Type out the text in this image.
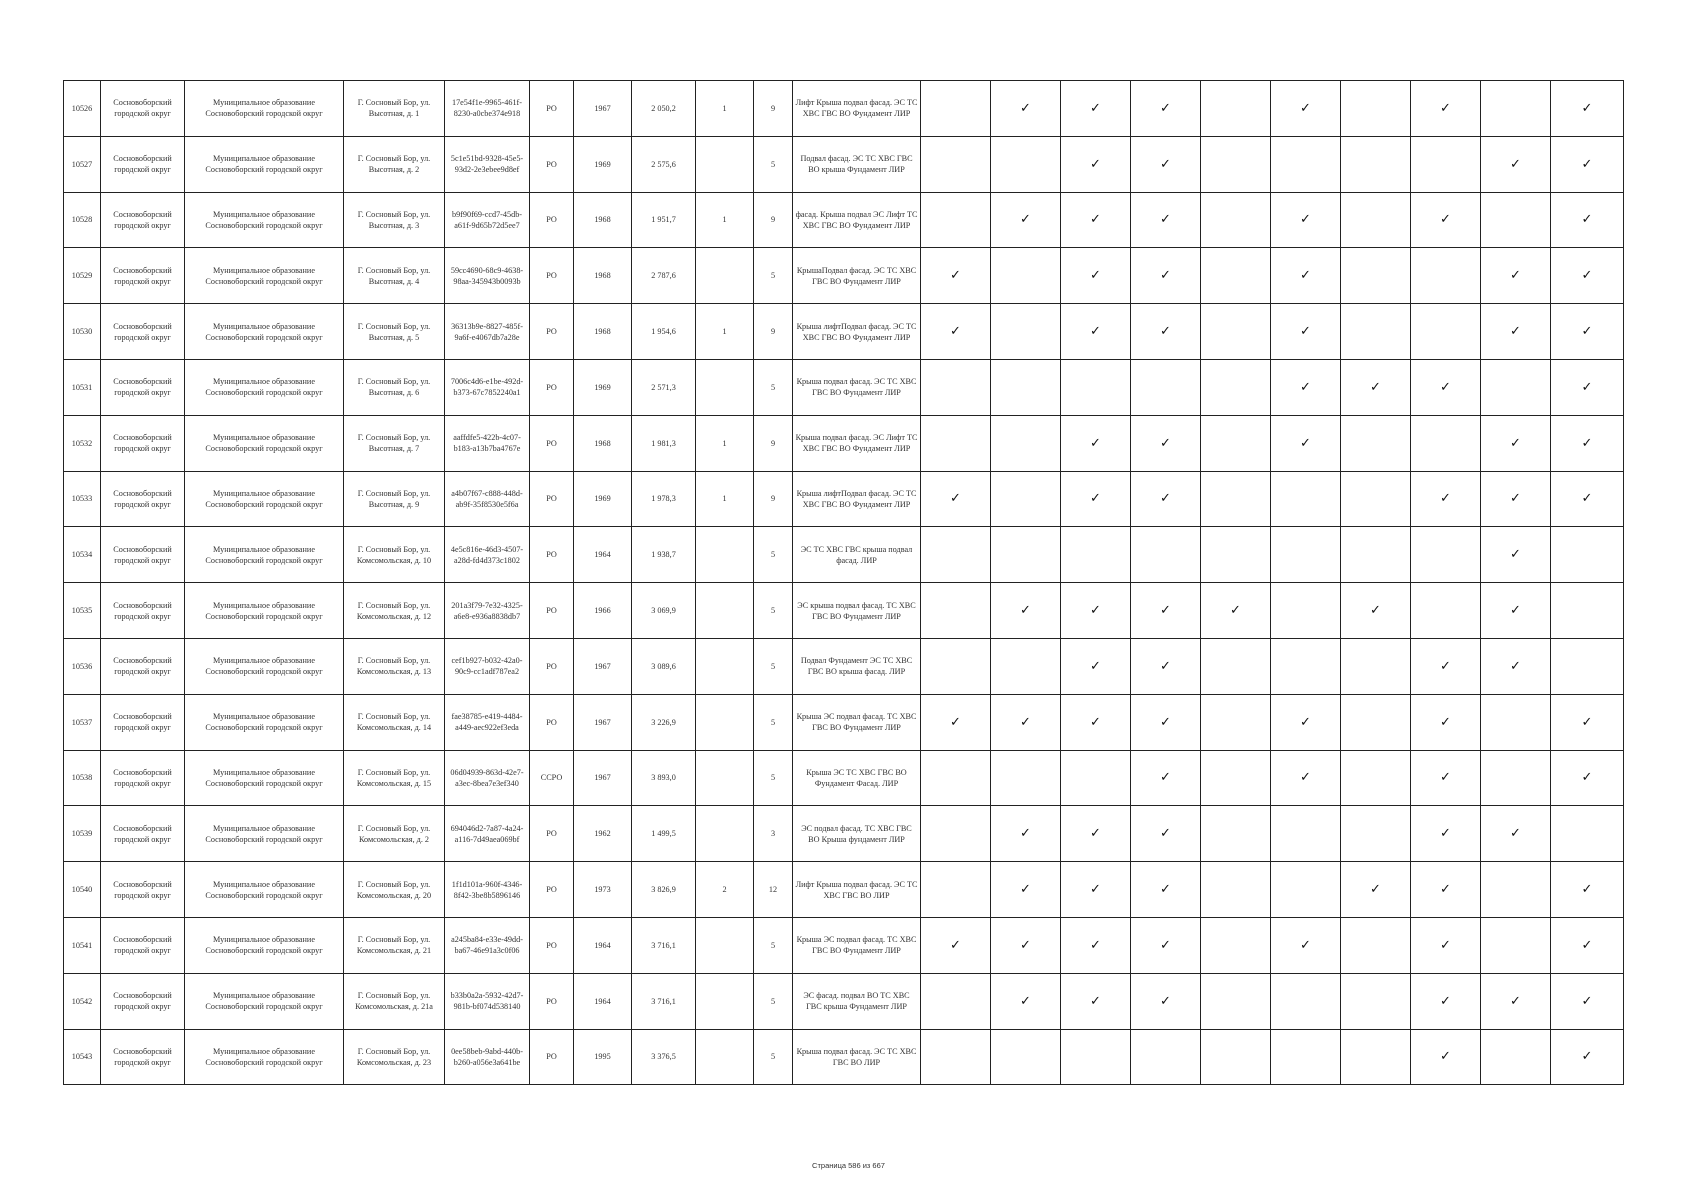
10526	Сосновоборский городской округ	Муниципальное образование Сосновоборский городской округ	Г. Сосновый Бор, ул. Высотная, д. 1	17e54f1e-9965-461f-8230-a0cbe374e918	РО	1967	2 050,2	1	9	Лифт Крыша подвал фасад. ЭС ТС ХВС ГВС ВО Фундамент ЛИР		✓	✓	✓		✓		✓		✓
10527	Сосновоборский городской округ	Муниципальное образование Сосновоборский городской округ	Г. Сосновый Бор, ул. Высотная, д. 2	5c1e51bd-9328-45e5-93d2-2e3ebee9d8ef	РО	1969	2 575,6		5	Подвал фасад. ЭС ТС ХВС ГВС ВО крыша Фундамент ЛИР			✓	✓					✓	✓
10528	Сосновоборский городской округ	Муниципальное образование Сосновоборский городской округ	Г. Сосновый Бор, ул. Высотная, д. 3	b9f90f69-ccd7-45db-a61f-9d65b72d5ee7	РО	1968	1 951,7	1	9	фасад. Крыша подвал ЭС Лифт ТС ХВС ГВС ВО Фундамент ЛИР		✓	✓	✓		✓		✓		✓
10529	Сосновоборский городской округ	Муниципальное образование Сосновоборский городской округ	Г. Сосновый Бор, ул. Высотная, д. 4	59cc4690-68c9-4638-98aa-345943b0093b	РО	1968	2 787,6		5	КрышаПодвал фасад. ЭС ТС ХВС ГВС ВО Фундамент ЛИР	✓		✓	✓		✓			✓	✓
10530	Сосновоборский городской округ	Муниципальное образование Сосновоборский городской округ	Г. Сосновый Бор, ул. Высотная, д. 5	36313b9e-8827-485f-9a6f-e4067db7a28e	РО	1968	1 954,6	1	9	Крыша лифтПодвал фасад. ЭС ТС ХВС ГВС ВО Фундамент ЛИР	✓		✓	✓		✓			✓	✓
10531	Сосновоборский городской округ	Муниципальное образование Сосновоборский городской округ	Г. Сосновый Бор, ул. Высотная, д. 6	7006c4d6-e1be-492d-b373-67c7852240a1	РО	1969	2 571,3		5	Крыша подвал фасад. ЭС ТС ХВС ГВС ВО Фундамент ЛИР						✓	✓	✓		✓
10532	Сосновоборский городской округ	Муниципальное образование Сосновоборский городской округ	Г. Сосновый Бор, ул. Высотная, д. 7	aaffdfe5-422b-4c07-b183-a13b7ba4767e	РО	1968	1 981,3	1	9	Крыша подвал фасад. ЭС Лифт ТС ХВС ГВС ВО Фундамент ЛИР			✓	✓		✓			✓	✓
10533	Сосновоборский городской округ	Муниципальное образование Сосновоборский городской округ	Г. Сосновый Бор, ул. Высотная, д. 9	a4b07f67-c888-448d-ab9f-35f8530e5f6a	РО	1969	1 978,3	1	9	Крыша лифтПодвал фасад. ЭС ТС ХВС ГВС ВО Фундамент ЛИР	✓		✓	✓				✓	✓	✓
10534	Сосновоборский городской округ	Муниципальное образование Сосновоборский городской округ	Г. Сосновый Бор, ул. Комсомольская, д. 10	4e5c816e-46d3-4507-a28d-fd4d373c1802	РО	1964	1 938,7		5	ЭС ТС ХВС ГВС крыша подвал фасад. ЛИР									✓	
10535	Сосновоборский городской округ	Муниципальное образование Сосновоборский городской округ	Г. Сосновый Бор, ул. Комсомольская, д. 12	201a3f79-7e32-4325-a6e8-e936a8838db7	РО	1966	3 069,9		5	ЭС крыша подвал фасад. ТС ХВС ГВС ВО Фундамент ЛИР		✓	✓	✓	✓		✓		✓	
10536	Сосновоборский городской округ	Муниципальное образование Сосновоборский городской округ	Г. Сосновый Бор, ул. Комсомольская, д. 13	cef1b927-b032-42a0-90c9-cc1adf787ea2	РО	1967	3 089,6		5	Подвал Фундамент ЭС ТС ХВС ГВС ВО крыша фасад. ЛИР			✓	✓				✓	✓	
10537	Сосновоборский городской округ	Муниципальное образование Сосновоборский городской округ	Г. Сосновый Бор, ул. Комсомольская, д. 14	fae38785-e419-4484-a449-aec922ef3eda	РО	1967	3 226,9		5	Крыша ЭС подвал фасад. ТС ХВС ГВС ВО Фундамент ЛИР	✓	✓	✓	✓		✓		✓		✓
10538	Сосновоборский городской округ	Муниципальное образование Сосновоборский городской округ	Г. Сосновый Бор, ул. Комсомольская, д. 15	06d04939-863d-42e7-a3ec-8bea7e3ef340	ССРО	1967	3 893,0		5	Крыша ЭС ТС ХВС ГВС ВО Фундамент Фасад. ЛИР				✓		✓		✓		✓
10539	Сосновоборский городской округ	Муниципальное образование Сосновоборский городской округ	Г. Сосновый Бор, ул. Комсомольская, д. 2	694046d2-7a87-4a24-a116-7d49aea069bf	РО	1962	1 499,5		3	ЭС подвал фасад. ТС ХВС ГВС ВО Крыша фундамент ЛИР		✓	✓	✓				✓	✓	
10540	Сосновоборский городской округ	Муниципальное образование Сосновоборский городской округ	Г. Сосновый Бор, ул. Комсомольская, д. 20	1f1d101a-960f-4346-8f42-3be8b5896146	РО	1973	3 826,9	2	12	Лифт Крыша подвал фасад. ЭС ТС ХВС ГВС ВО ЛИР		✓	✓	✓			✓	✓		✓
10541	Сосновоборский городской округ	Муниципальное образование Сосновоборский городской округ	Г. Сосновый Бор, ул. Комсомольская, д. 21	a245ba84-e33e-49dd-ba67-46e91a3c0f06	РО	1964	3 716,1		5	Крыша ЭС подвал фасад. ТС ХВС ГВС ВО Фундамент ЛИР	✓	✓	✓	✓		✓		✓		✓
10542	Сосновоборский городской округ	Муниципальное образование Сосновоборский городской округ	Г. Сосновый Бор, ул. Комсомольская, д. 21а	b33b0a2a-5932-42d7-981b-bf074d538140	РО	1964	3 716,1		5	ЭС фасад. подвал ВО ТС ХВС ГВС крыша Фундамент ЛИР		✓	✓	✓				✓	✓	✓
10543	Сосновоборский городской округ	Муниципальное образование Сосновоборский городской округ	Г. Сосновый Бор, ул. Комсомольская, д. 23	0ee58beb-9abd-440b-b260-a056e3a641be	РО	1995	3 376,5		5	Крыша подвал фасад. ЭС ТС ХВС ГВС ВО ЛИР								✓		✓
Страница 586 из 667
